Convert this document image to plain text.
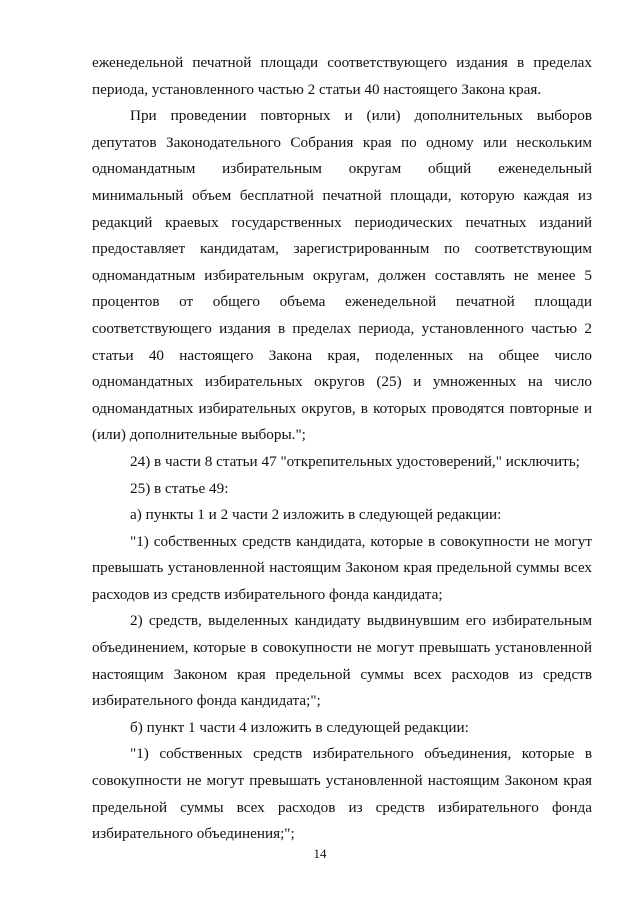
еженедельной печатной площади соответствующего издания в пределах периода, установленного частью 2 статьи 40 настоящего Закона края.

При проведении повторных и (или) дополнительных выборов депутатов Законодательного Собрания края по одному или нескольким одномандатным избирательным округам общий еженедельный минимальный объем бесплатной печатной площади, которую каждая из редакций краевых государственных периодических печатных изданий предоставляет кандидатам, зарегистрированным по соответствующим одномандатным избирательным округам, должен составлять не менее 5 процентов от общего объема еженедельной печатной площади соответствующего издания в пределах периода, установленного частью 2 статьи 40 настоящего Закона края, поделенных на общее число одномандатных избирательных округов (25) и умноженных на число одномандатных избирательных округов, в которых проводятся повторные и (или) дополнительные выборы.";

24) в части 8 статьи 47 "открепительных удостоверений," исключить;

25) в статье 49:

а) пункты 1 и 2 части 2 изложить в следующей редакции:

"1) собственных средств кандидата, которые в совокупности не могут превышать установленной настоящим Законом края предельной суммы всех расходов из средств избирательного фонда кандидата;

2) средств, выделенных кандидату выдвинувшим его избирательным объединением, которые в совокупности не могут превышать установленной настоящим Законом края предельной суммы всех расходов из средств избирательного фонда кандидата;";

б) пункт 1 части 4 изложить в следующей редакции:

"1) собственных средств избирательного объединения, которые в совокупности не могут превышать установленной настоящим Законом края предельной суммы всех расходов из средств избирательного фонда избирательного объединения;";

14
